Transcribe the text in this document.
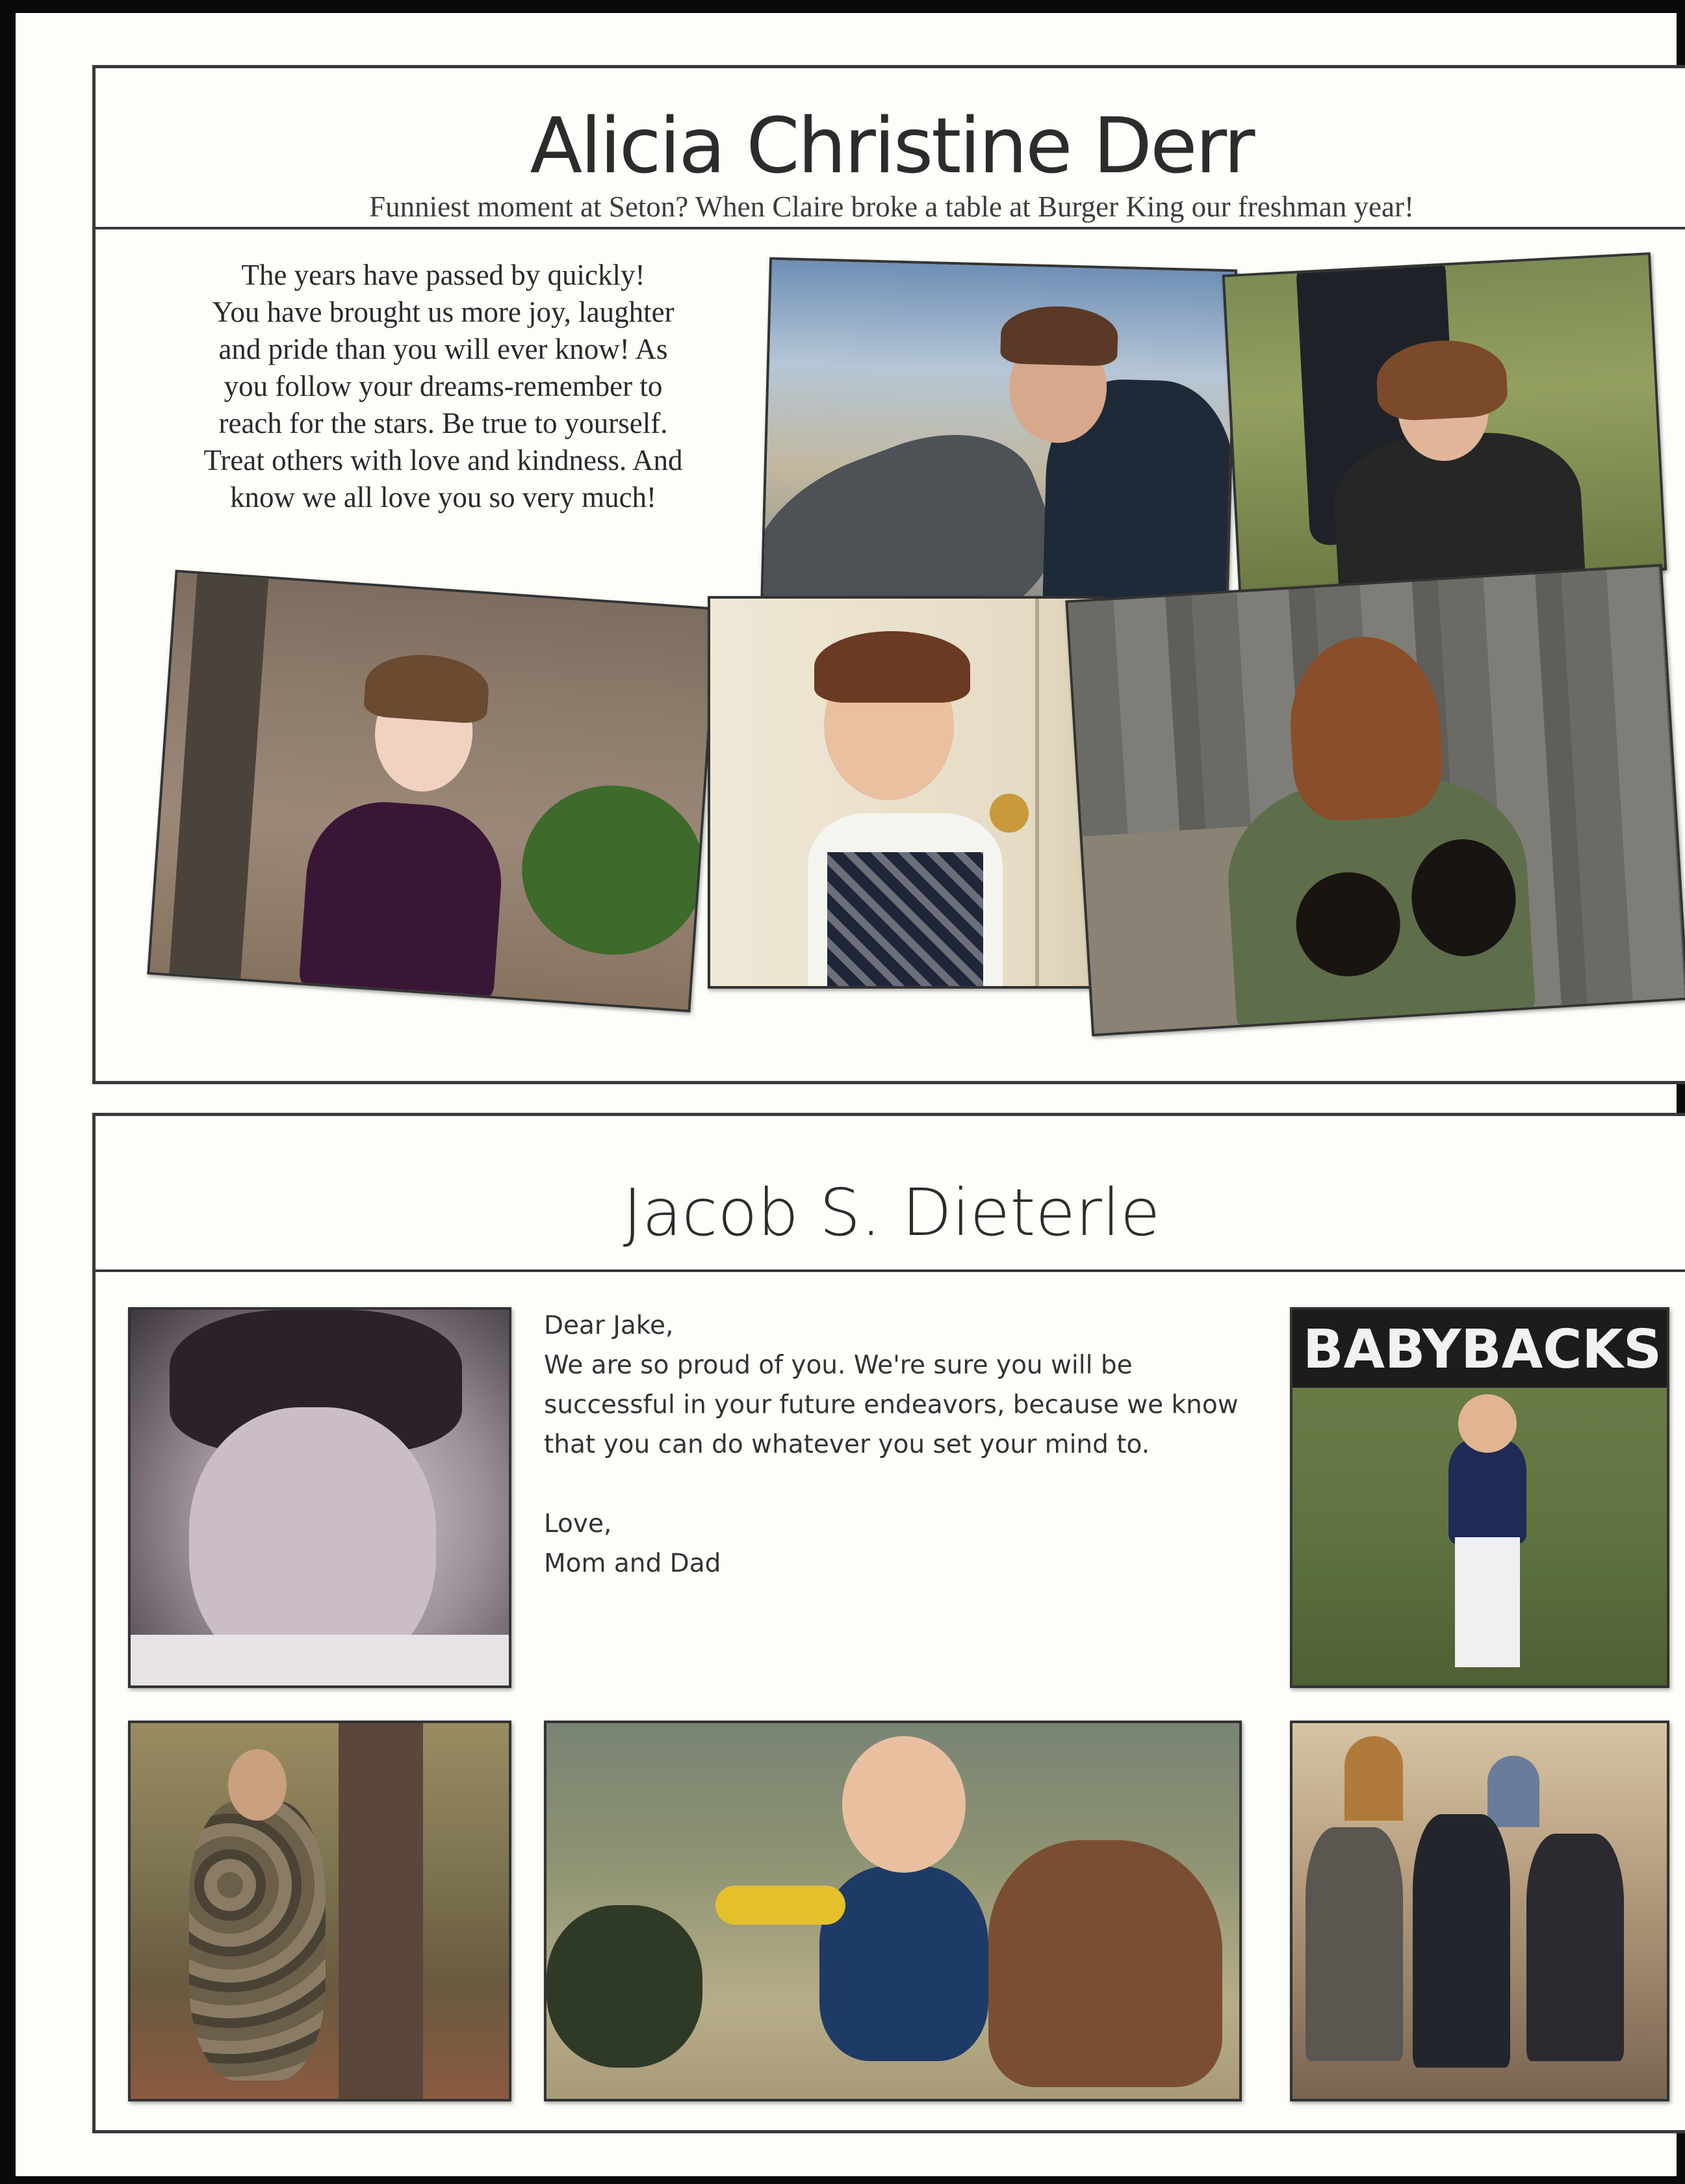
Alicia Christine Derr
Funniest moment at Seton? When Claire broke a table at Burger King our freshman year!
The years have passed by quickly!
You have brought us more joy, laughter
and pride than you will ever know! As
you follow your dreams-remember to
reach for the stars. Be true to yourself.
Treat others with love and kindness. And
know we all love you so very much!
Jacob S. Dieterle
Dear Jake,
We are so proud of you. We're sure you will be
successful in your future endeavors, because we know
that you can do whatever you set your mind to.
Love,
Mom and Dad
BABYBACKS
